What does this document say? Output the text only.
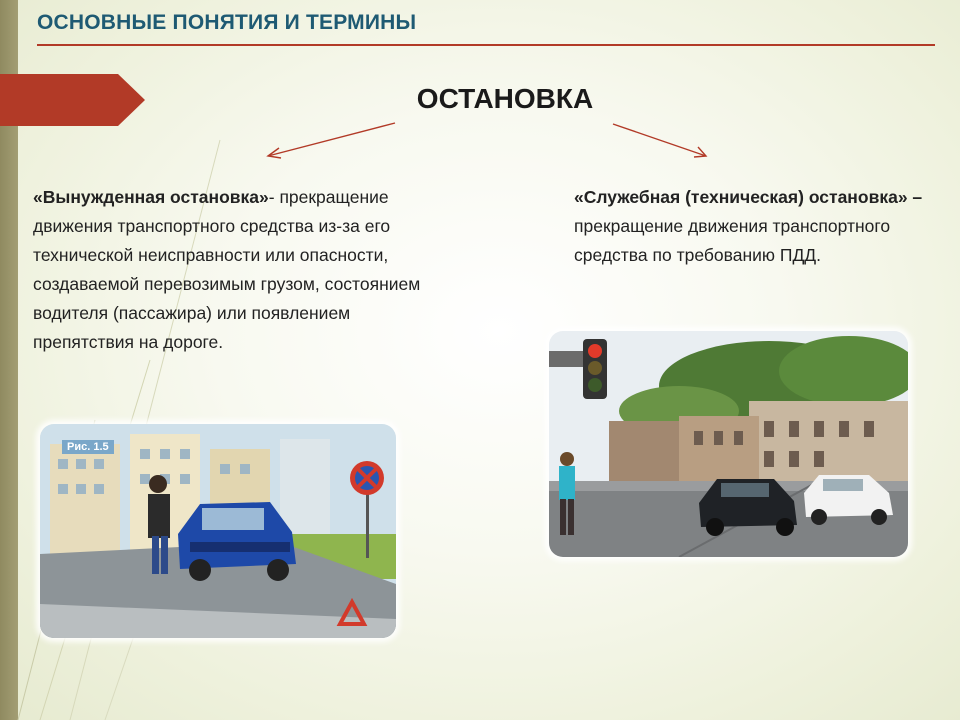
ОСНОВНЫЕ ПОНЯТИЯ И ТЕРМИНЫ
ОСТАНОВКА
«Вынужденная остановка»- прекращение движения транспортного средства из-за его технической неисправности или опасности, создаваемой перевозимым грузом, состоянием водителя (пассажира) или появлением препятствия на дороге.
«Служебная (техническая) остановка» – прекращение движения транспортного средства по требованию ПДД.
Рис. 1.5
